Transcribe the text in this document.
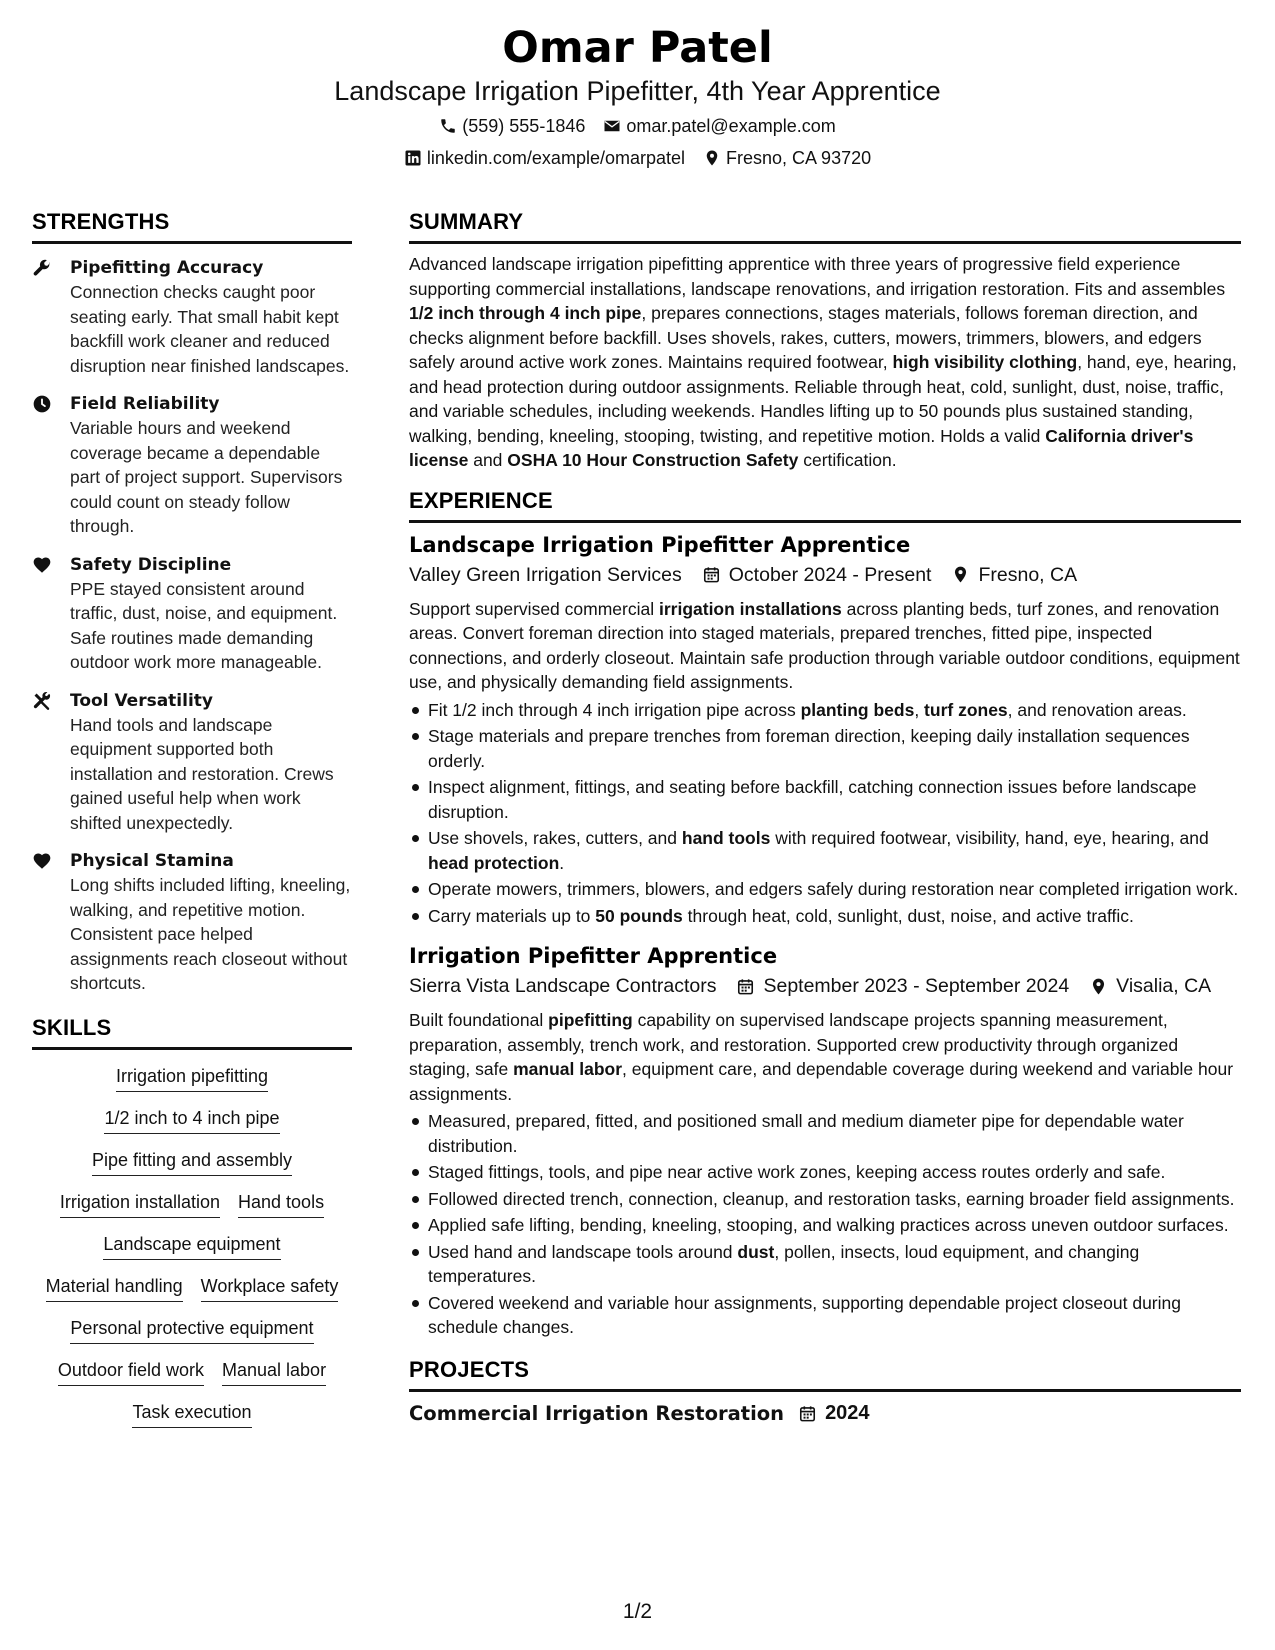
Omar Patel
Landscape Irrigation Pipefitter, 4th Year Apprentice
(559) 555-1846 omar.patel@example.com
linkedin.com/example/omarpatel Fresno, CA 93720
STRENGTHS
Pipefitting Accuracy
Connection checks caught poor seating early. That small habit kept backfill work cleaner and reduced disruption near finished landscapes.
Field Reliability
Variable hours and weekend coverage became a dependable part of project support. Supervisors could count on steady follow through.
Safety Discipline
PPE stayed consistent around traffic, dust, noise, and equipment. Safe routines made demanding outdoor work more manageable.
Tool Versatility
Hand tools and landscape equipment supported both installation and restoration. Crews gained useful help when work shifted unexpectedly.
Physical Stamina
Long shifts included lifting, kneeling, walking, and repetitive motion. Consistent pace helped assignments reach closeout without shortcuts.
SKILLS
Irrigation pipefitting
1/2 inch to 4 inch pipe
Pipe fitting and assembly
Irrigation installation Hand tools
Landscape equipment
Material handling Workplace safety
Personal protective equipment
Outdoor field work Manual labor
Task execution
SUMMARY
Advanced landscape irrigation pipefitting apprentice with three years of progressive field experience supporting commercial installations, landscape renovations, and irrigation restoration. Fits and assembles 1/2 inch through 4 inch pipe, prepares connections, stages materials, follows foreman direction, and checks alignment before backfill. Uses shovels, rakes, cutters, mowers, trimmers, blowers, and edgers safely around active work zones. Maintains required footwear, high visibility clothing, hand, eye, hearing, and head protection during outdoor assignments. Reliable through heat, cold, sunlight, dust, noise, traffic, and variable schedules, including weekends. Handles lifting up to 50 pounds plus sustained standing, walking, bending, kneeling, stooping, twisting, and repetitive motion. Holds a valid California driver's license and OSHA 10 Hour Construction Safety certification.
EXPERIENCE
Landscape Irrigation Pipefitter Apprentice
Valley Green Irrigation Services October 2024 - Present Fresno, CA
Support supervised commercial irrigation installations across planting beds, turf zones, and renovation areas. Convert foreman direction into staged materials, prepared trenches, fitted pipe, inspected connections, and orderly closeout. Maintain safe production through variable outdoor conditions, equipment use, and physically demanding field assignments.
Fit 1/2 inch through 4 inch irrigation pipe across planting beds, turf zones, and renovation areas.
Stage materials and prepare trenches from foreman direction, keeping daily installation sequences orderly.
Inspect alignment, fittings, and seating before backfill, catching connection issues before landscape disruption.
Use shovels, rakes, cutters, and hand tools with required footwear, visibility, hand, eye, hearing, and head protection.
Operate mowers, trimmers, blowers, and edgers safely during restoration near completed irrigation work.
Carry materials up to 50 pounds through heat, cold, sunlight, dust, noise, and active traffic.
Irrigation Pipefitter Apprentice
Sierra Vista Landscape Contractors September 2023 - September 2024 Visalia, CA
Built foundational pipefitting capability on supervised landscape projects spanning measurement, preparation, assembly, trench work, and restoration. Supported crew productivity through organized staging, safe manual labor, equipment care, and dependable coverage during weekend and variable hour assignments.
Measured, prepared, fitted, and positioned small and medium diameter pipe for dependable water distribution.
Staged fittings, tools, and pipe near active work zones, keeping access routes orderly and safe.
Followed directed trench, connection, cleanup, and restoration tasks, earning broader field assignments.
Applied safe lifting, bending, kneeling, stooping, and walking practices across uneven outdoor surfaces.
Used hand and landscape tools around dust, pollen, insects, loud equipment, and changing temperatures.
Covered weekend and variable hour assignments, supporting dependable project closeout during schedule changes.
PROJECTS
Commercial Irrigation Restoration 2024
1/2
